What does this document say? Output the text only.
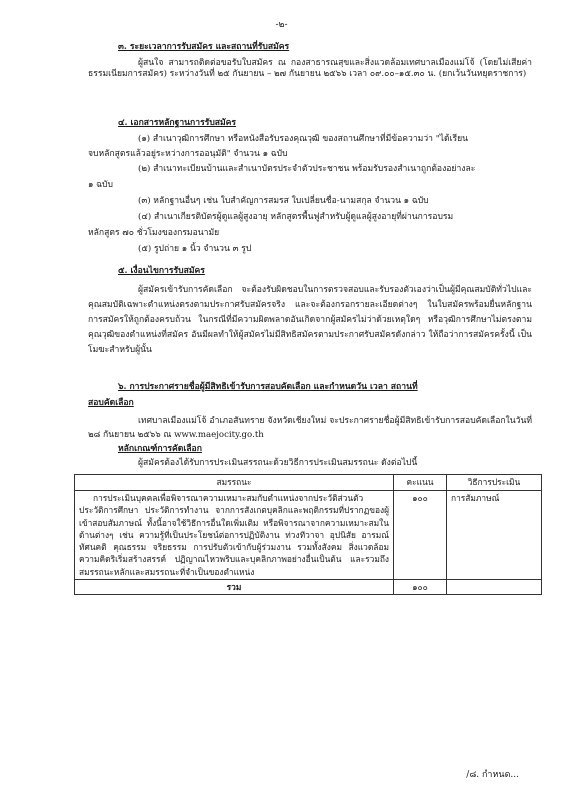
-๒-
๓. ระยะเวลาการรับสมัคร และสถานที่รับสมัคร
ผู้สนใจ สามารถติดต่อขอรับใบสมัคร ณ กองสาธารณสุขและสิ่งแวดล้อมเทศบาลเมืองแม่โจ้ (โดยไม่เสียค่าธรรมเนียมการสมัคร) ระหว่างวันที่ ๒๕ กันยายน – ๒๗ กันยายน ๒๕๖๖ เวลา ๐๙.๐๐–๑๕.๓๐ น. (ยกเว้นวันหยุดราชการ)
๔. เอกสารหลักฐานการรับสมัคร
(๑) สำเนาวุฒิการศึกษา หรือหนังสือรับรองคุณวุฒิ ของสถานศึกษาที่มีข้อความว่า "ได้เรียน
จบหลักสูตรแล้วอยู่ระหว่างการออนุมัติ" จำนวน ๑ ฉบับ
(๒) สำเนาทะเบียนบ้านและสำเนาบัตรประจำตัวประชาชน พร้อมรับรองสำเนาถูกต้องอย่างละ
๑ ฉบับ
(๓) หลักฐานอื่นๆ เช่น ใบสำคัญการสมรส ใบเปลี่ยนชื่อ-นามสกุล จำนวน ๑ ฉบับ
(๔) สำเนาเกียรติบัตรผู้ดูแลผู้สูงอายุ หลักสูตรพื้นฟูสำหรับผู้ดูแลผู้สูงอายุที่ผ่านการอบรม
หลักสูตร ๗๐ ชั่วโมงของกรมอนามัย
(๕) รูปถ่าย ๑ นิ้ว จำนวน ๓ รูป
๕. เงื่อนไขการรับสมัคร
ผู้สมัครเข้ารับการคัดเลือก จะต้องรับผิดชอบในการตรวจสอบและรับรองตัวเองว่าเป็นผู้มีคุณสมบัติทั่วไปและคุณสมบัติเฉพาะตำแหน่งตรงตามประกาศรับสมัครจริง และจะต้องกรอกรายละเอียดต่างๆ ในใบสมัครพร้อมยื่นหลักฐานการสมัครให้ถูกต้องครบถ้วน ในกรณีที่มีความผิดพลาดอันเกิดจากผู้สมัครไม่ว่าด้วยเหตุใดๆ หรือวุฒิการศึกษาไม่ตรงตามคุณวุฒิของตำแหน่งที่สมัคร อันมีผลทำให้ผู้สมัครไม่มีสิทธิสมัครตามประกาศรับสมัครดังกล่าว ให้ถือว่าการสมัครครั้งนี้ เป็นโมฆะสำหรับผู้นั้น
๖. การประกาศรายชื่อผู้มีสิทธิเข้ารับการสอบคัดเลือก และกำหนดวัน เวลา สถานที่
สอบคัดเลือก
เทศบาลเมืองแม่โจ้ อำเภอสันทราย จังหวัดเชียงใหม่ จะประกาศรายชื่อผู้มีสิทธิเข้ารับการสอบคัดเลือกในวันที่ ๒๘ กันยายน ๒๕๖๖ ณ www.maejocity.go.th
หลักเกณฑ์การคัดเลือก
ผู้สมัครต้องได้รับการประเมินสรรถนะด้วยวิธีการประเมินสมรรถนะ ดังต่อไปนี้
สมรรถนะ	คะแนน	วิธีการประเมิน
การประเมินบุคคลเพื่อพิจารณาความเหมาะสมกับตำแหน่งจากประวัติส่วนตัว ประวัติการศึกษา ประวัติการทำงาน จากการสังเกตบุคลิกและพฤติกรรมที่ปรากฏของผู้เข้าสอบสัมภาษณ์ ทั้งนี้อาจใช้วิธีการอื่นใดเพิ่มเติม หรือพิจารณาจากความเหมาะสมในด้านต่างๆ เช่น ความรู้ที่เป็นประโยชน์ต่อการปฏิบัติงาน ท่วงทีวาจา อุปนิสัย อารมณ์ ทัศนคติ คุณธรรม จริยธรรม การปรับตัวเข้ากับผู้ร่วมงาน รวมทั้งสังคม สิ่งแวดล้อมความคิดริเริ่มสร้างสรรค์ ปฏิญาณไหวพริบและบุคลิกภาพอย่างอื่นเป็นต้น และรวมถึงสมรรถนะหลักและสมรรถนะที่จำเป็นของตำแหน่ง	๑๐๐	การสัมภาษณ์
รวม	๑๐๐	
/๘. กำหนด...
